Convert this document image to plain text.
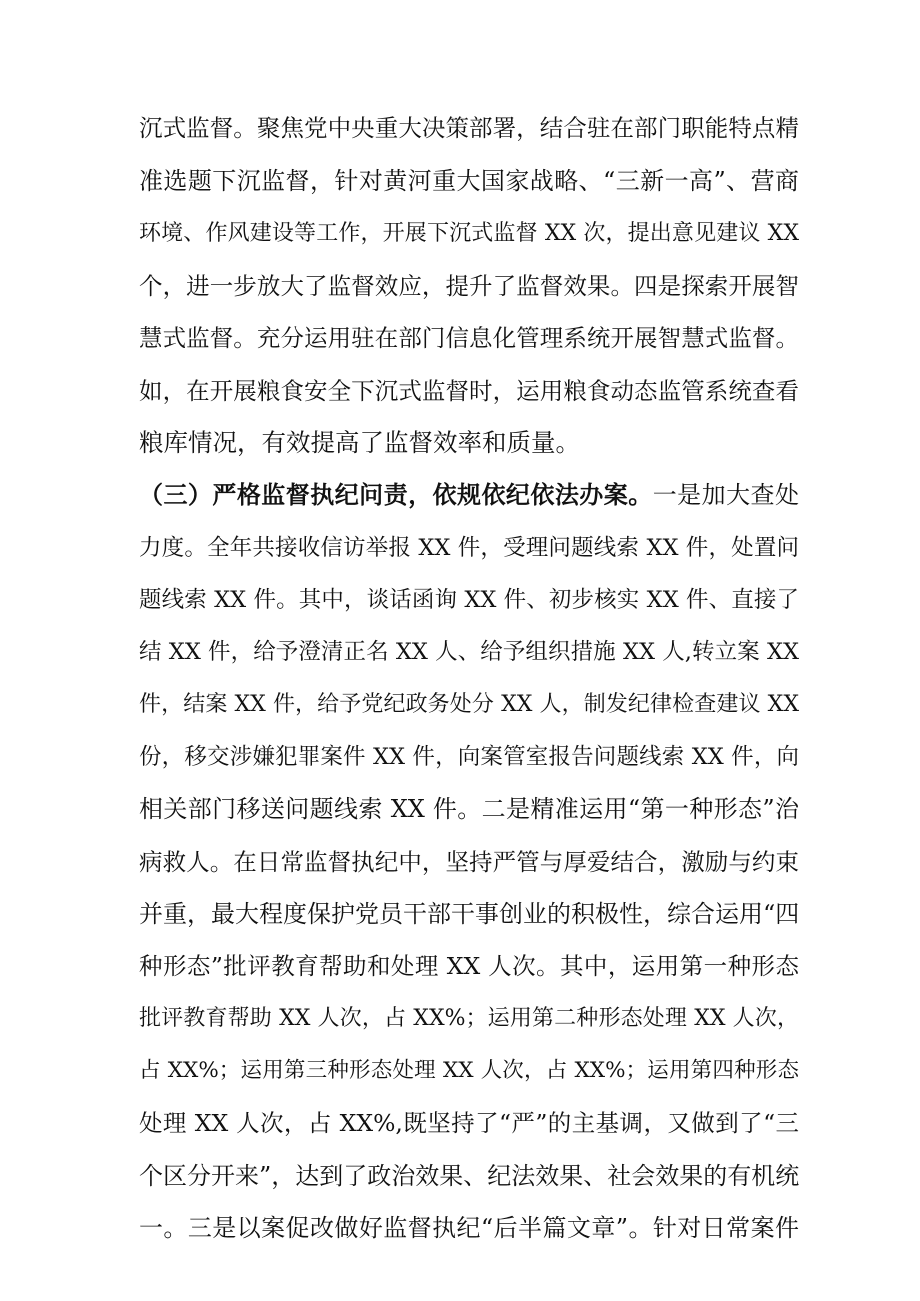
沉式监督。聚焦党中央重大决策部署，结合驻在部门职能特点精
准选题下沉监督，针对黄河重大国家战略、“三新一高”、营商
环境、作风建设等工作，开展下沉式监督 XX 次，提出意见建议 XX
个，进一步放大了监督效应，提升了监督效果。四是探索开展智
慧式监督。充分运用驻在部门信息化管理系统开展智慧式监督。
如，在开展粮食安全下沉式监督时，运用粮食动态监管系统查看
粮库情况，有效提高了监督效率和质量。
（三）严格监督执纪问责，依规依纪依法办案。一是加大查处
力度。全年共接收信访举报 XX 件，受理问题线索 XX 件，处置问
题线索 XX 件。其中，谈话函询 XX 件、初步核实 XX 件、直接了
结 XX 件，给予澄清正名 XX 人、给予组织措施 XX 人,转立案 XX
件，结案 XX 件，给予党纪政务处分 XX 人，制发纪律检查建议 XX
份，移交涉嫌犯罪案件 XX 件，向案管室报告问题线索 XX 件，向
相关部门移送问题线索 XX 件。二是精准运用“第一种形态”治
病救人。在日常监督执纪中，坚持严管与厚爱结合，激励与约束
并重，最大程度保护党员干部干事创业的积极性，综合运用“四
种形态”批评教育帮助和处理 XX 人次。其中，运用第一种形态
批评教育帮助 XX 人次，占 XX%；运用第二种形态处理 XX 人次，
占 XX%；运用第三种形态处理 XX 人次，占 XX%；运用第四种形态
处理 XX 人次，占 XX%,既坚持了“严”的主基调，又做到了“三
个区分开来”，达到了政治效果、纪法效果、社会效果的有机统
一。三是以案促改做好监督执纪“后半篇文章”。针对日常案件
